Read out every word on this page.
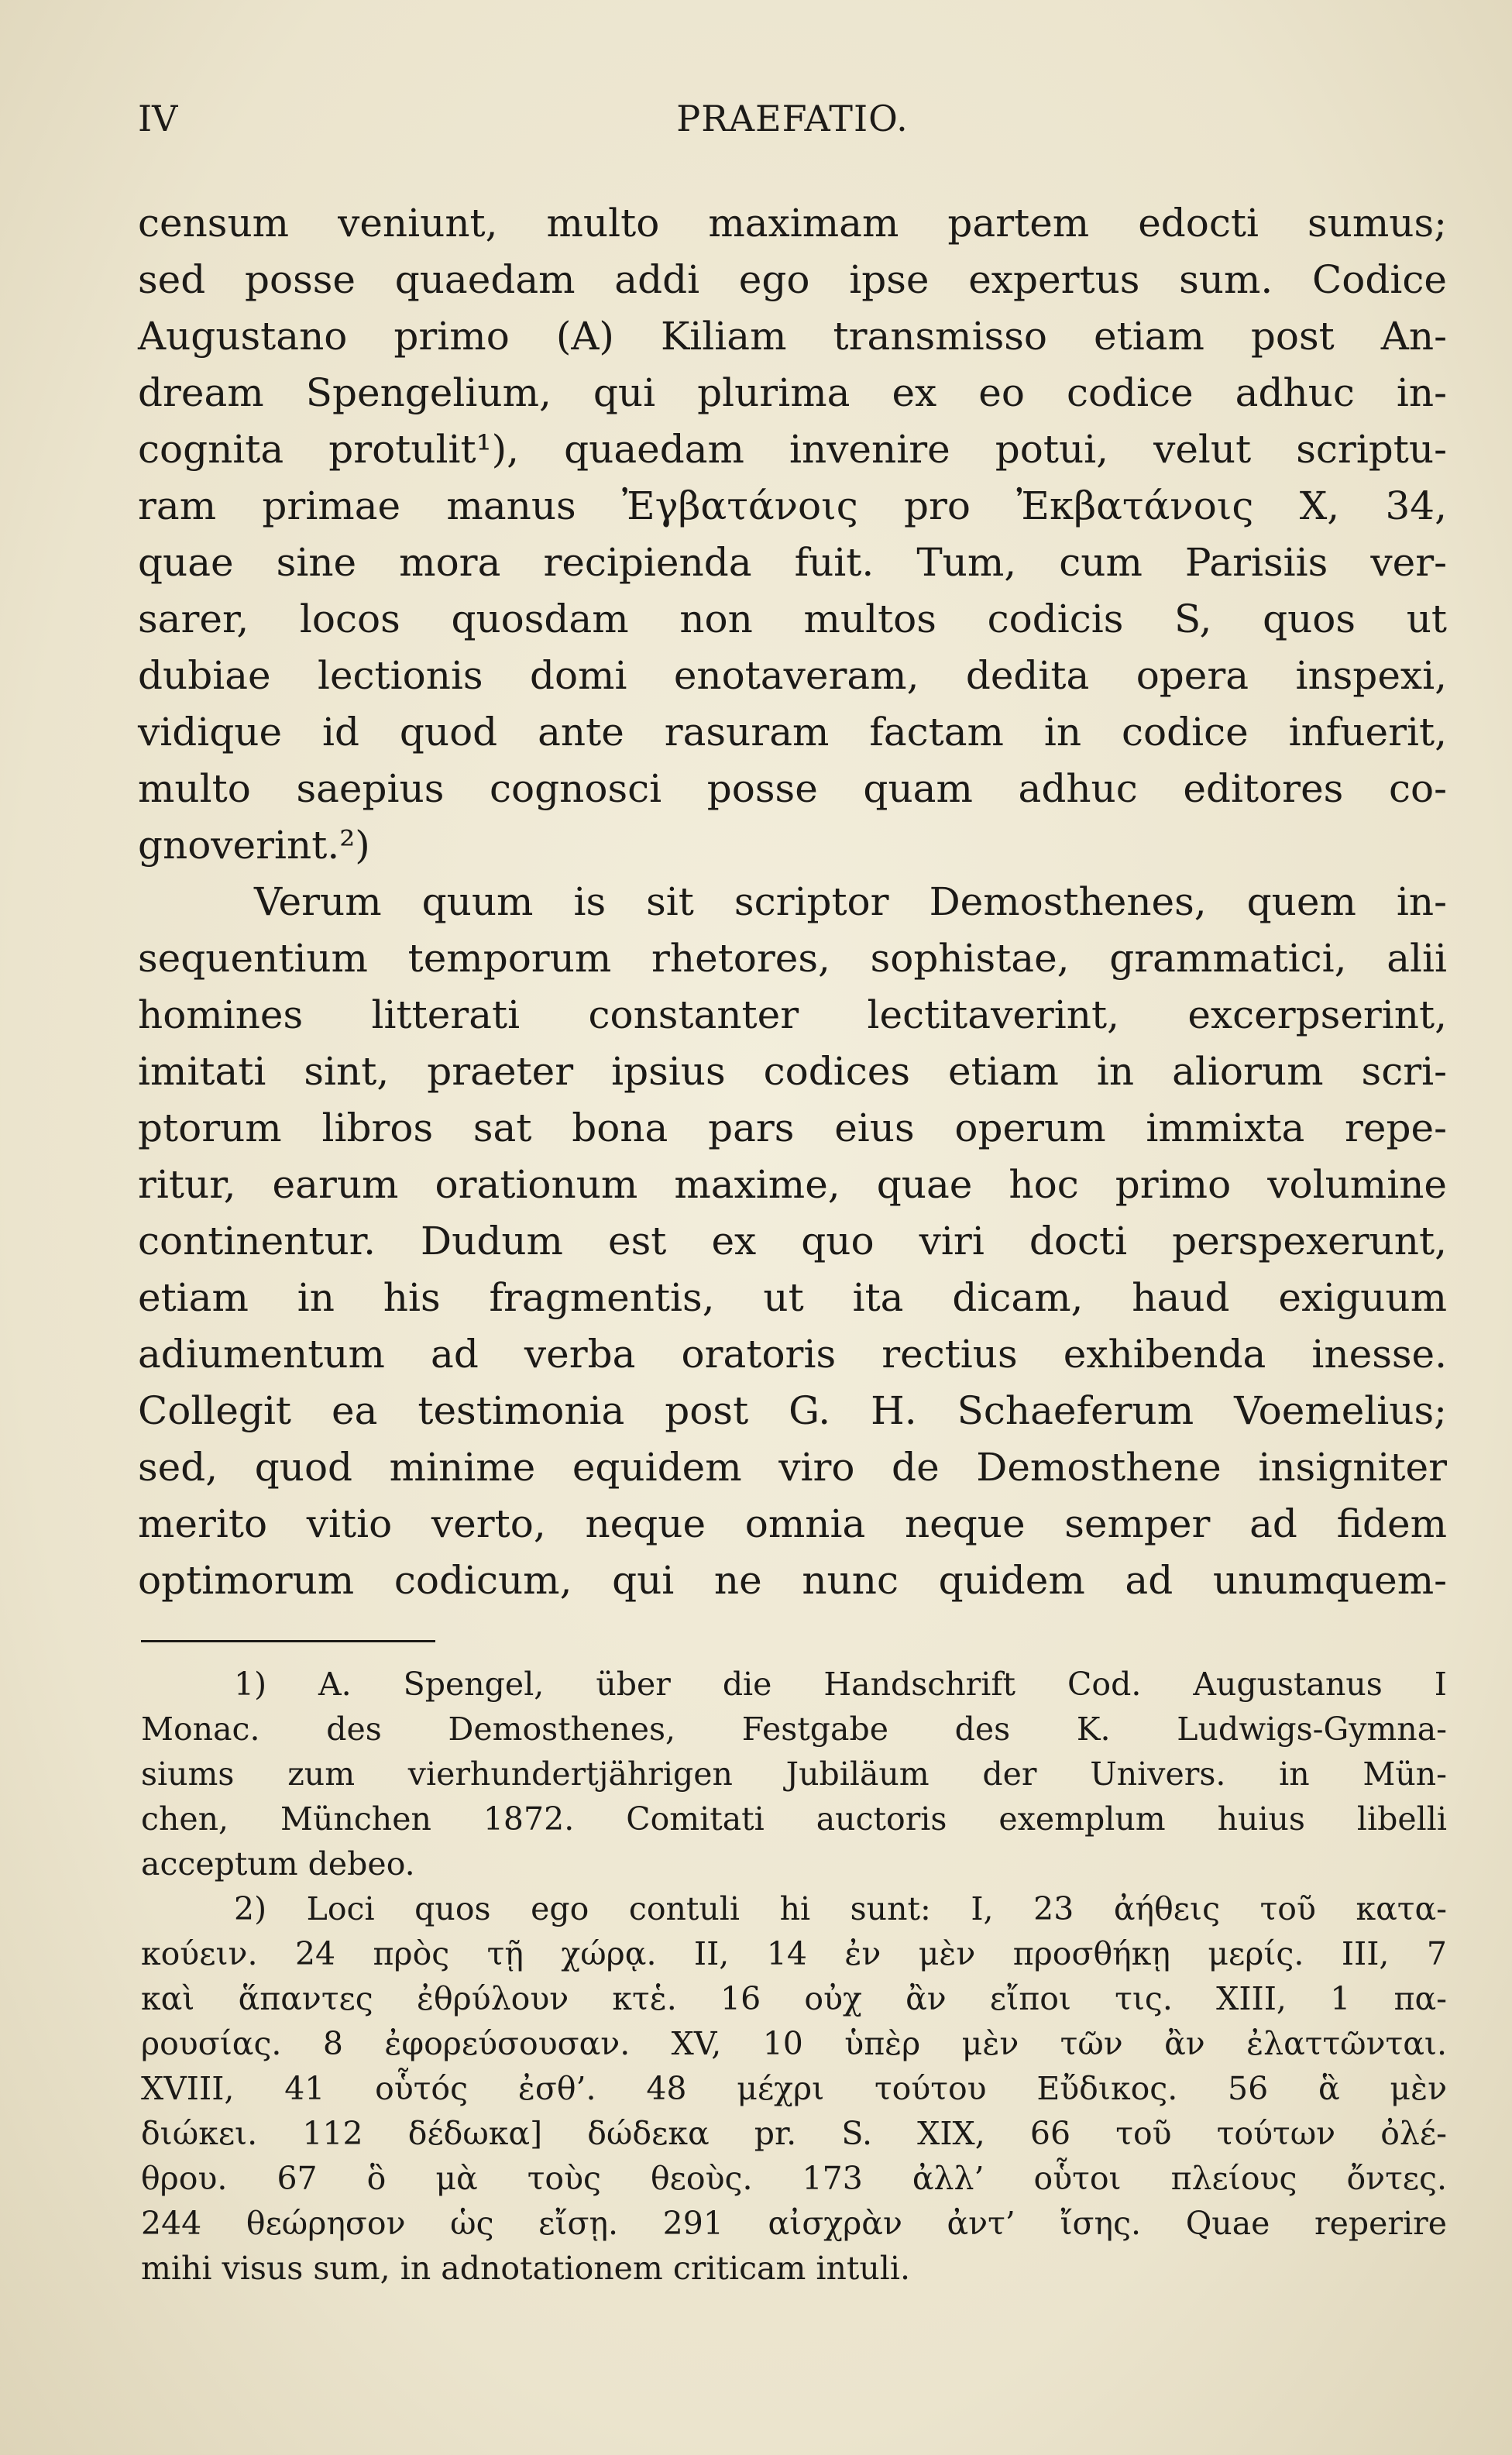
IV	PRAEFATIO.
censum veniunt, multo maximam partem edocti sumus;
sed posse quaedam addi ego ipse expertus sum. Codice
Augustano primo (A) Kiliam transmisso etiam post An-
dream Spengelium, qui plurima ex eo codice adhuc in-
cognita protulit¹), quaedam invenire potui, velut scriptu-
ram primae manus Ἐγβατάνοις pro Ἐκβατάνοις X, 34,
quae sine mora recipienda fuit. Tum, cum Parisiis ver-
sarer, locos quosdam non multos codicis S, quos ut
dubiae lectionis domi enotaveram, dedita opera inspexi,
vidique id quod ante rasuram factam in codice infuerit,
multo saepius cognosci posse quam adhuc editores co-
gnoverint.²)
Verum quum is sit scriptor Demosthenes, quem in-
sequentium temporum rhetores, sophistae, grammatici, alii
homines litterati constanter lectitaverint, excerpserint,
imitati sint, praeter ipsius codices etiam in aliorum scri-
ptorum libros sat bona pars eius operum immixta repe-
ritur, earum orationum maxime, quae hoc primo volumine
continentur. Dudum est ex quo viri docti perspexerunt,
etiam in his fragmentis, ut ita dicam, haud exiguum
adiumentum ad verba oratoris rectius exhibenda inesse.
Collegit ea testimonia post G. H. Schaeferum Voemelius;
sed, quod minime equidem viro de Demosthene insigniter
merito vitio verto, neque omnia neque semper ad fidem
optimorum codicum, qui ne nunc quidem ad unumquem-
1) A. Spengel, über die Handschrift Cod. Augustanus I
Monac. des Demosthenes, Festgabe des K. Ludwigs-Gymna-
siums zum vierhundertjährigen Jubiläum der Univers. in Mün-
chen, München 1872. Comitati auctoris exemplum huius libelli
acceptum debeo.
2) Loci quos ego contuli hi sunt: I, 23 ἀήθεις τοῦ κατα-
κούειν. 24 πρὸς τῇ χώρᾳ. II, 14 ἐν μὲν προσθήκῃ μερίς. III, 7
καὶ ἅπαντες ἐθρύλουν κτἑ. 16 οὐχ ἂν εἴποι τις. XIII, 1 πα-
ρουσίας. 8 ἐφορεύσουσαν. XV, 10 ὑπὲρ μὲν τῶν ἂν ἐλαττῶνται.
XVIII, 41 οὗτός ἐσθ’. 48 μέχρι τούτου Εὔδικος. 56 ἃ μὲν
διώκει. 112 δέδωκα] δώδεκα pr. S. XIX, 66 τοῦ τούτων ὀλέ-
θρου. 67 ὃ μὰ τοὺς θεοὺς. 173 ἀλλ’ οὗτοι πλείους ὄντες.
244 θεώρησον ὡς εἴσῃ. 291 αἰσχρὰν ἀντ’ ἴσης. Quae reperire
mihi visus sum, in adnotationem criticam intuli.
